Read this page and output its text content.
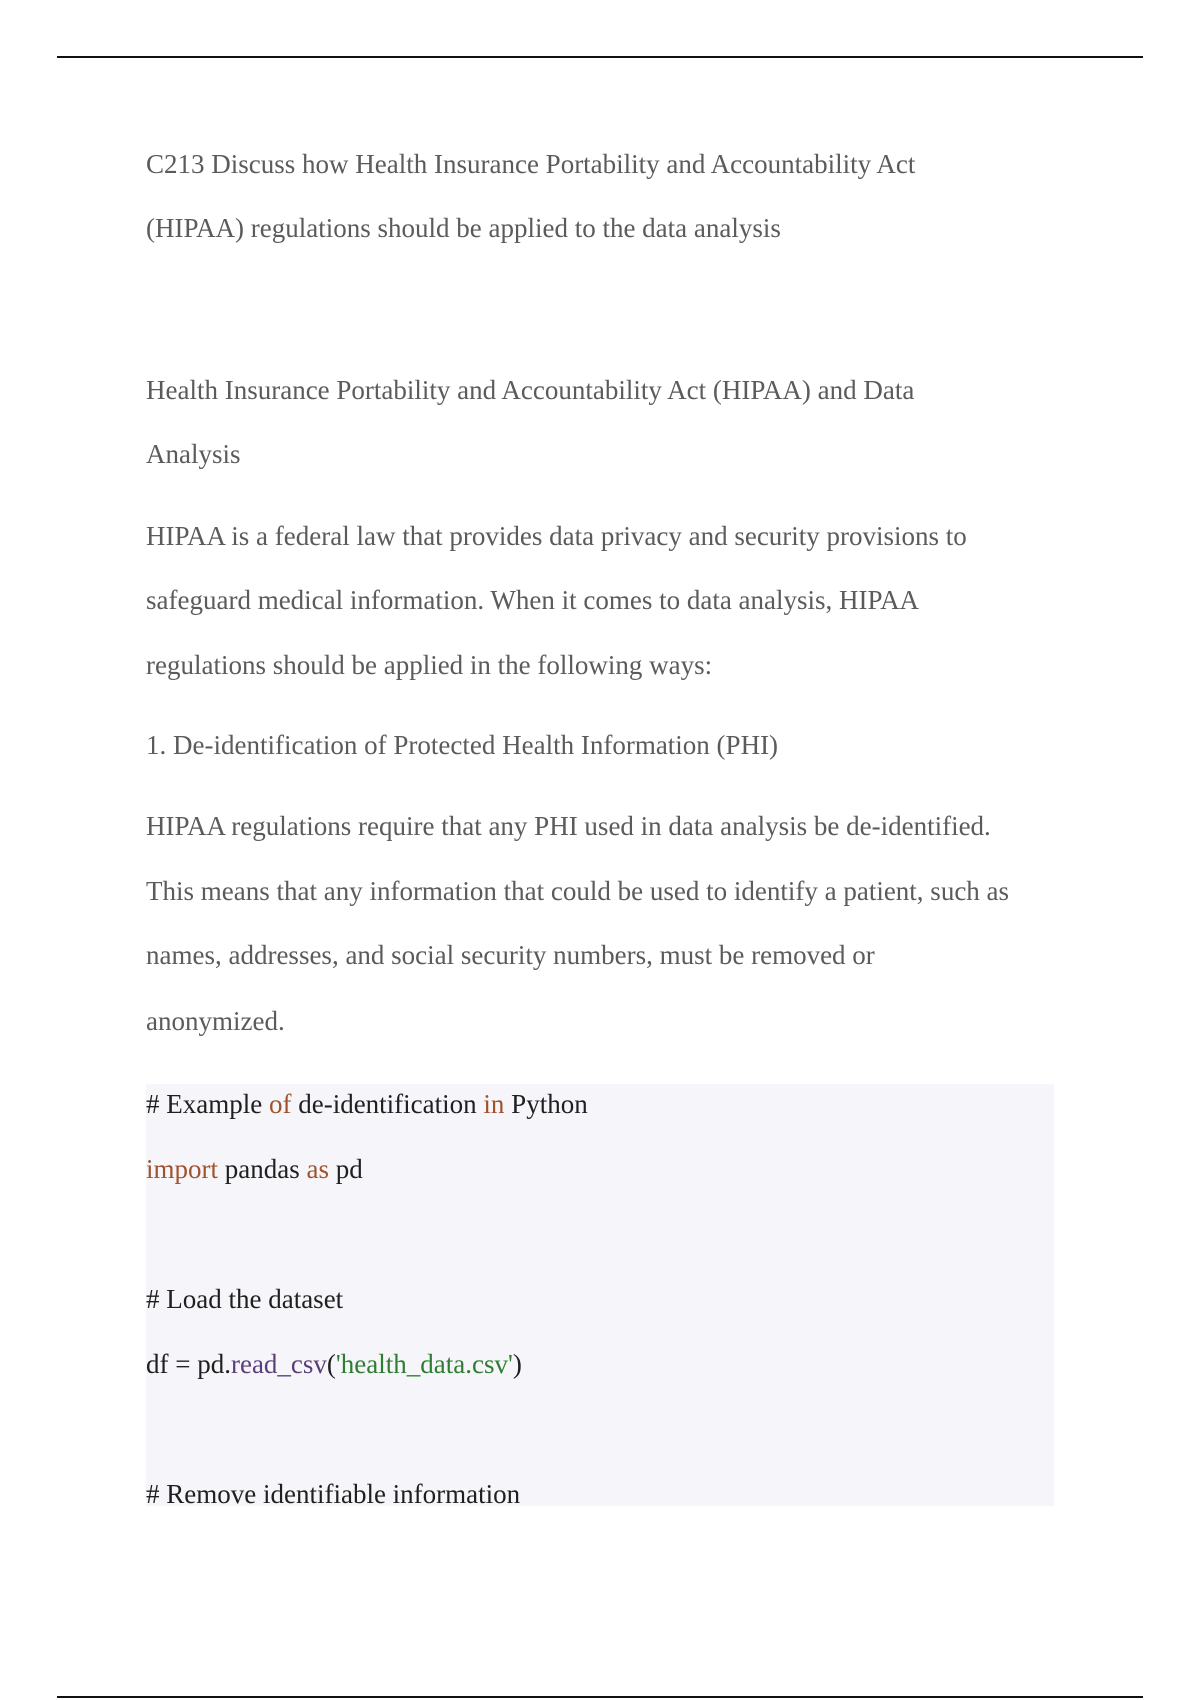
C213 Discuss how Health Insurance Portability and Accountability Act
(HIPAA) regulations should be applied to the data analysis
Health Insurance Portability and Accountability Act (HIPAA) and Data
Analysis
HIPAA is a federal law that provides data privacy and security provisions to
safeguard medical information. When it comes to data analysis, HIPAA
regulations should be applied in the following ways:
1. De-identification of Protected Health Information (PHI)
HIPAA regulations require that any PHI used in data analysis be de-identified.
This means that any information that could be used to identify a patient, such as
names, addresses, and social security numbers, must be removed or
anonymized.
# Example of de-identification in Python
import pandas as pd
# Load the dataset
df = pd.read_csv('health_data.csv')
# Remove identifiable information
